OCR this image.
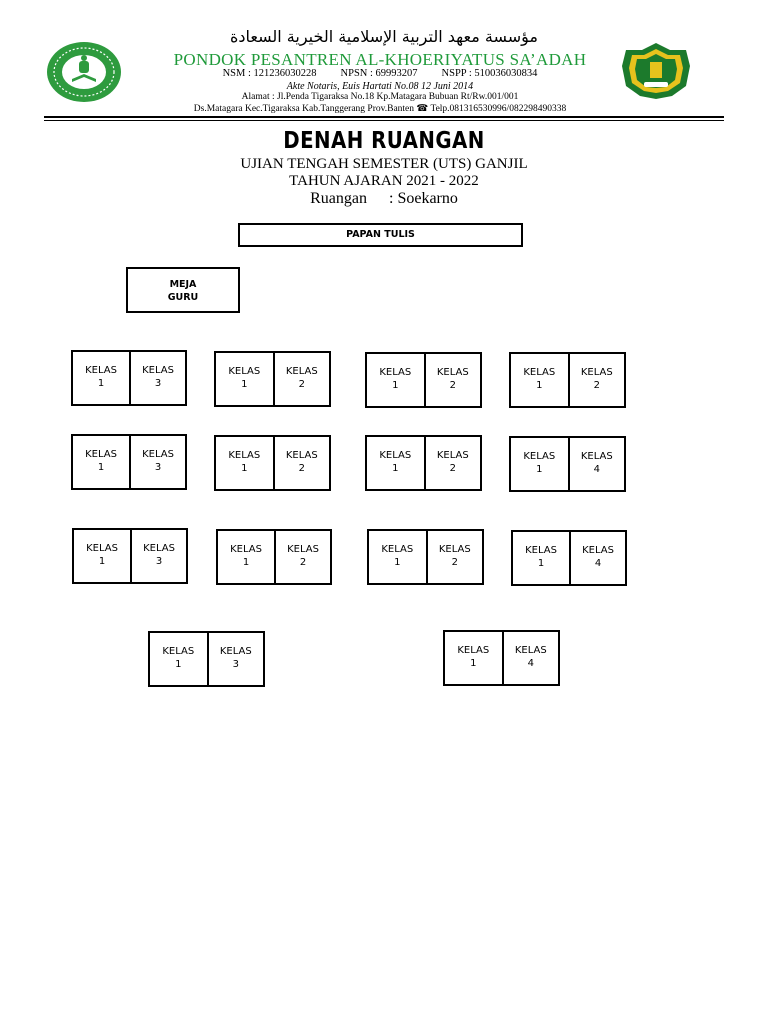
مؤسسة معهد التربية الإسلامية الخيرية السعادة
PONDOK PESANTREN AL-KHOERIYATUS SA’ADAH
NSM : 121236030228 NPSN : 69993207 NSPP : 510036030834
Akte Notaris, Euis Hartati No.08 12 Juni 2014
Alamat : Jl.Penda Tigaraksa No.18 Kp.Matagara Bubuan Rt/Rw.001/001
Ds.Matagara Kec.Tigaraksa Kab.Tanggerang Prov.Banten ☎ Telp.081316530996/082298490338
DENAH RUANGAN
UJIAN TENGAH SEMESTER (UTS) GANJIL
TAHUN AJARAN 2021 - 2022
Ruangan : Soekarno
PAPAN TULIS
MEJA
GURU
KELAS
1
KELAS
3
KELAS
1
KELAS
2
KELAS
1
KELAS
2
KELAS
1
KELAS
2
KELAS
1
KELAS
3
KELAS
1
KELAS
2
KELAS
1
KELAS
2
KELAS
1
KELAS
4
KELAS
1
KELAS
3
KELAS
1
KELAS
2
KELAS
1
KELAS
2
KELAS
1
KELAS
4
KELAS
1
KELAS
3
KELAS
1
KELAS
4
